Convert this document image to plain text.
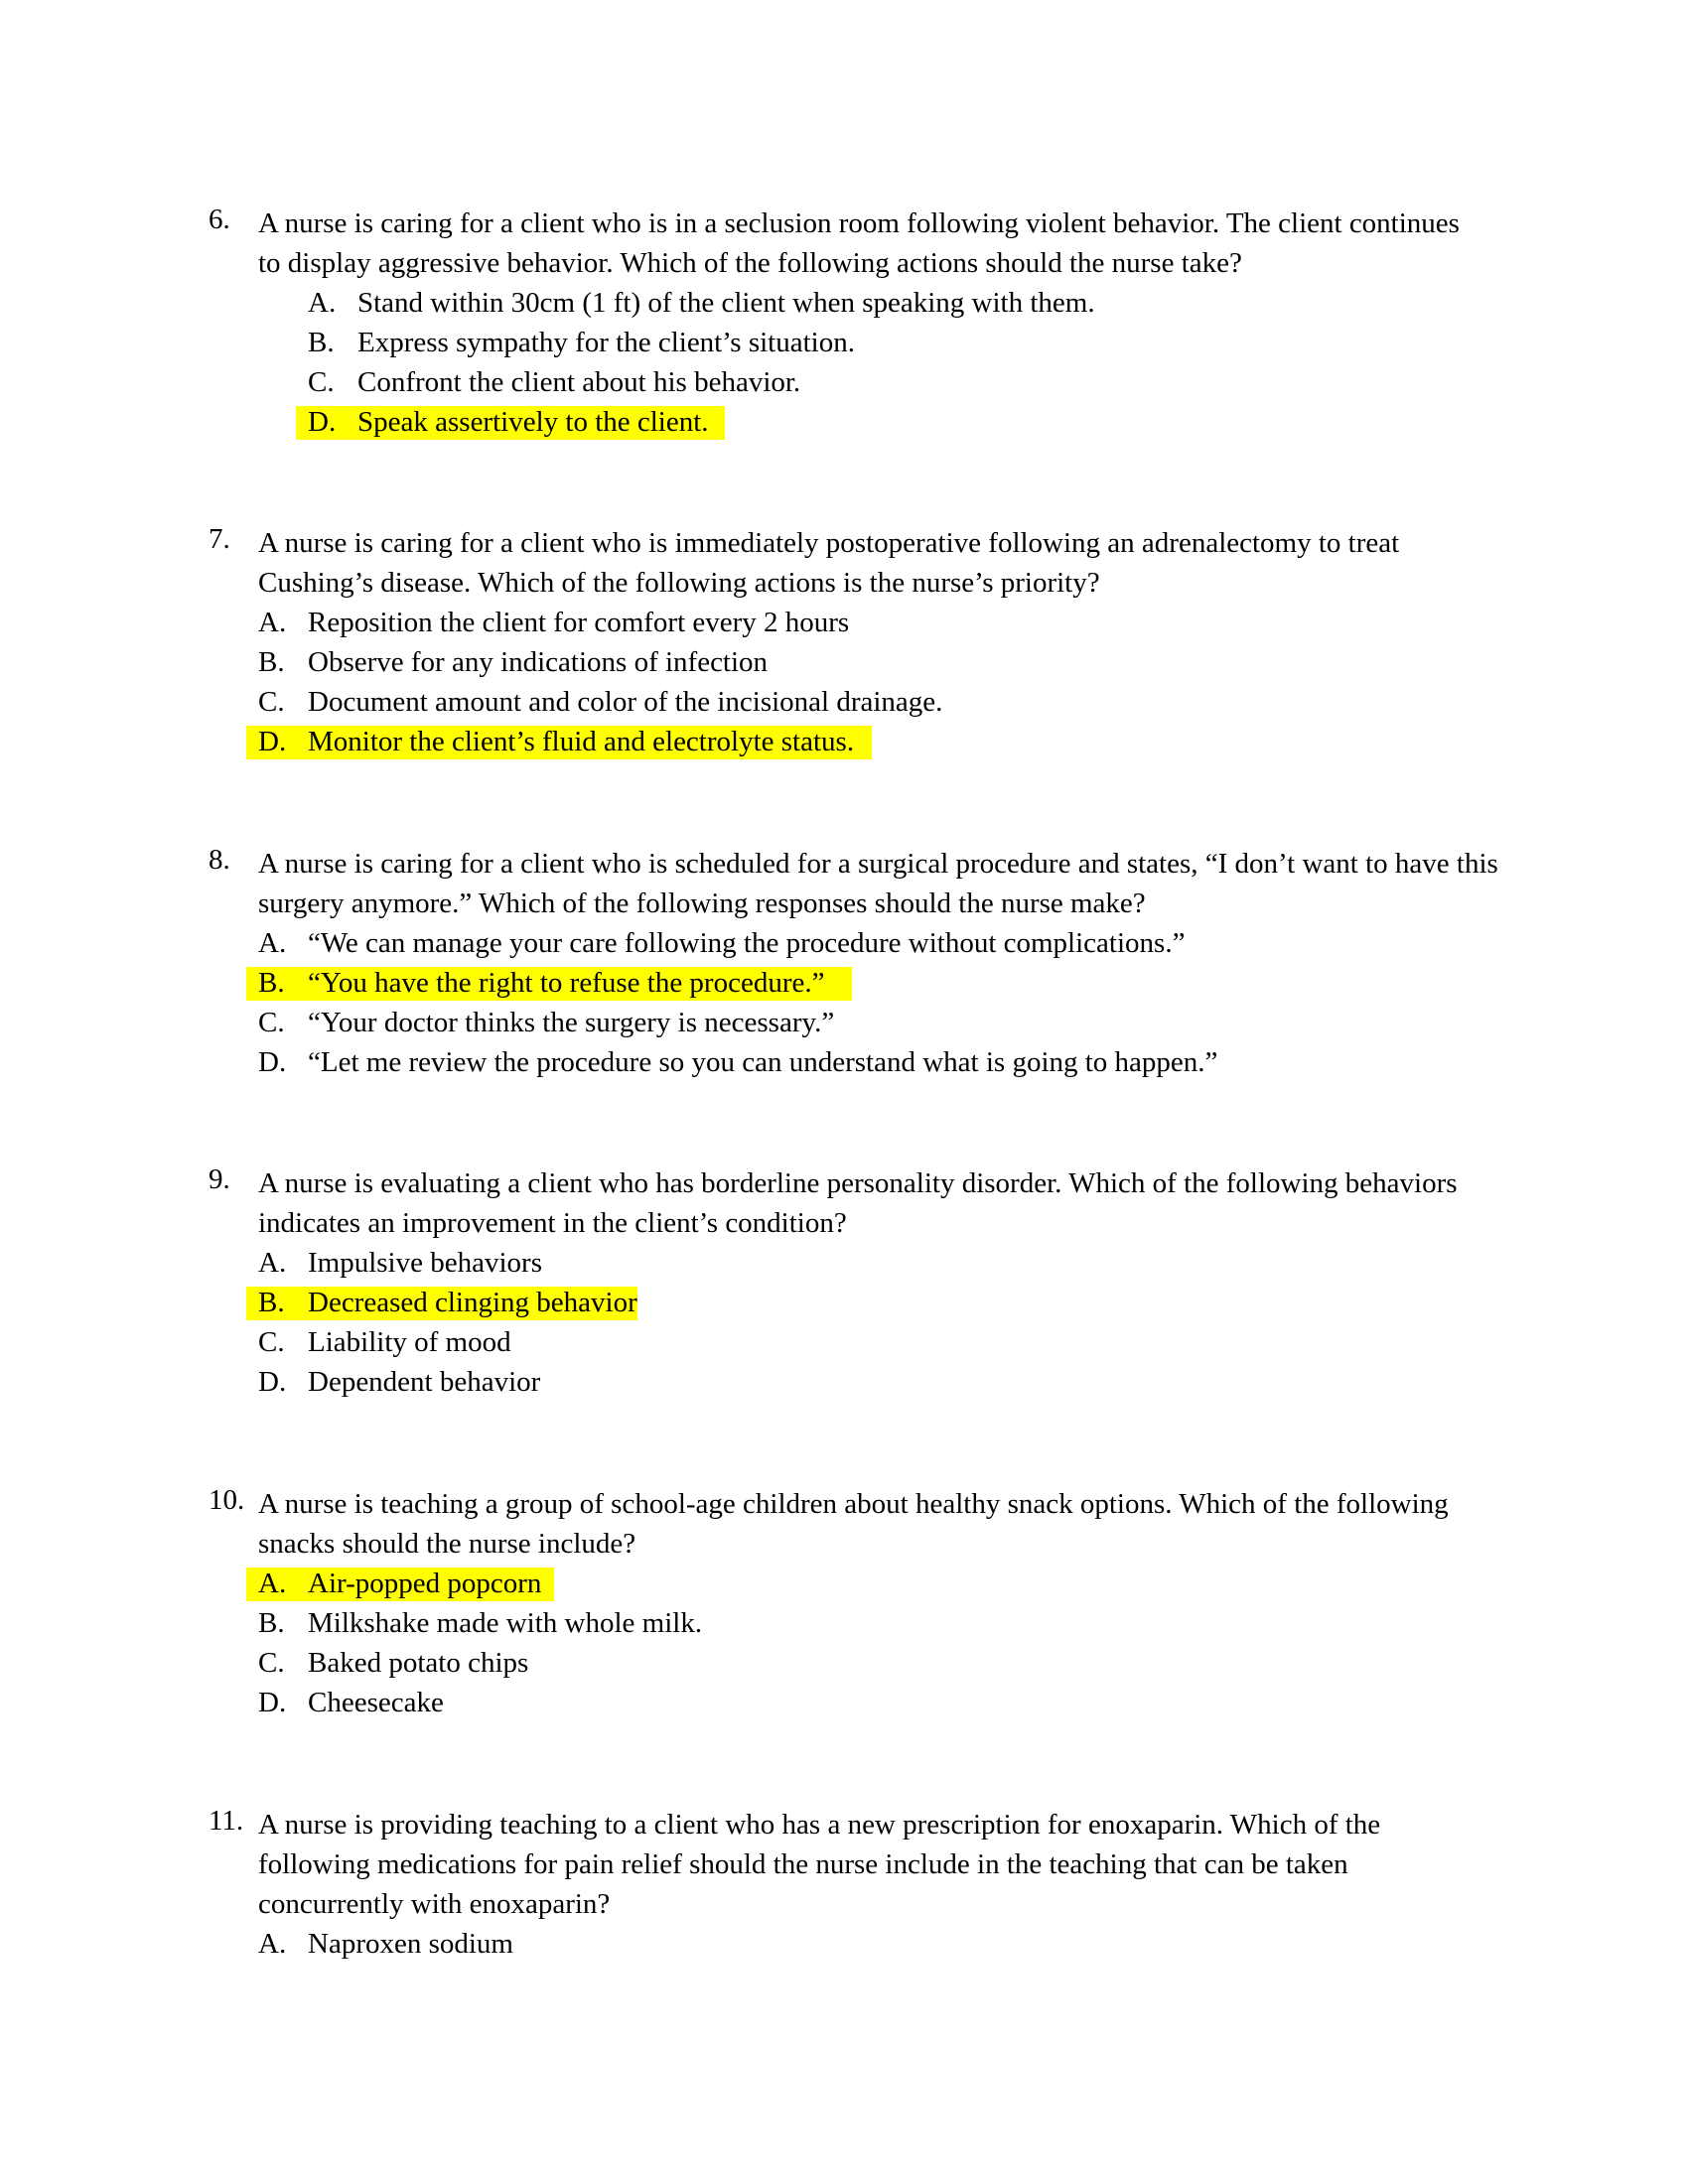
6. A nurse is caring for a client who is in a seclusion room following violent behavior. The client continues to display aggressive behavior. Which of the following actions should the nurse take?
A. Stand within 30cm (1 ft) of the client when speaking with them.
B. Express sympathy for the client’s situation.
C. Confront the client about his behavior.
D. Speak assertively to the client.
7. A nurse is caring for a client who is immediately postoperative following an adrenalectomy to treat Cushing’s disease. Which of the following actions is the nurse’s priority?
A. Reposition the client for comfort every 2 hours
B. Observe for any indications of infection
C. Document amount and color of the incisional drainage.
D. Monitor the client’s fluid and electrolyte status.
8. A nurse is caring for a client who is scheduled for a surgical procedure and states, “I don’t want to have this surgery anymore.” Which of the following responses should the nurse make?
A. “We can manage your care following the procedure without complications.”
B. “You have the right to refuse the procedure.”
C. “Your doctor thinks the surgery is necessary.”
D. “Let me review the procedure so you can understand what is going to happen.”
9. A nurse is evaluating a client who has borderline personality disorder. Which of the following behaviors indicates an improvement in the client’s condition?
A. Impulsive behaviors
B. Decreased clinging behavior
C. Liability of mood
D. Dependent behavior
10. A nurse is teaching a group of school-age children about healthy snack options. Which of the following snacks should the nurse include?
A. Air-popped popcorn
B. Milkshake made with whole milk.
C. Baked potato chips
D. Cheesecake
11. A nurse is providing teaching to a client who has a new prescription for enoxaparin. Which of the following medications for pain relief should the nurse include in the teaching that can be taken concurrently with enoxaparin?
A. Naproxen sodium
